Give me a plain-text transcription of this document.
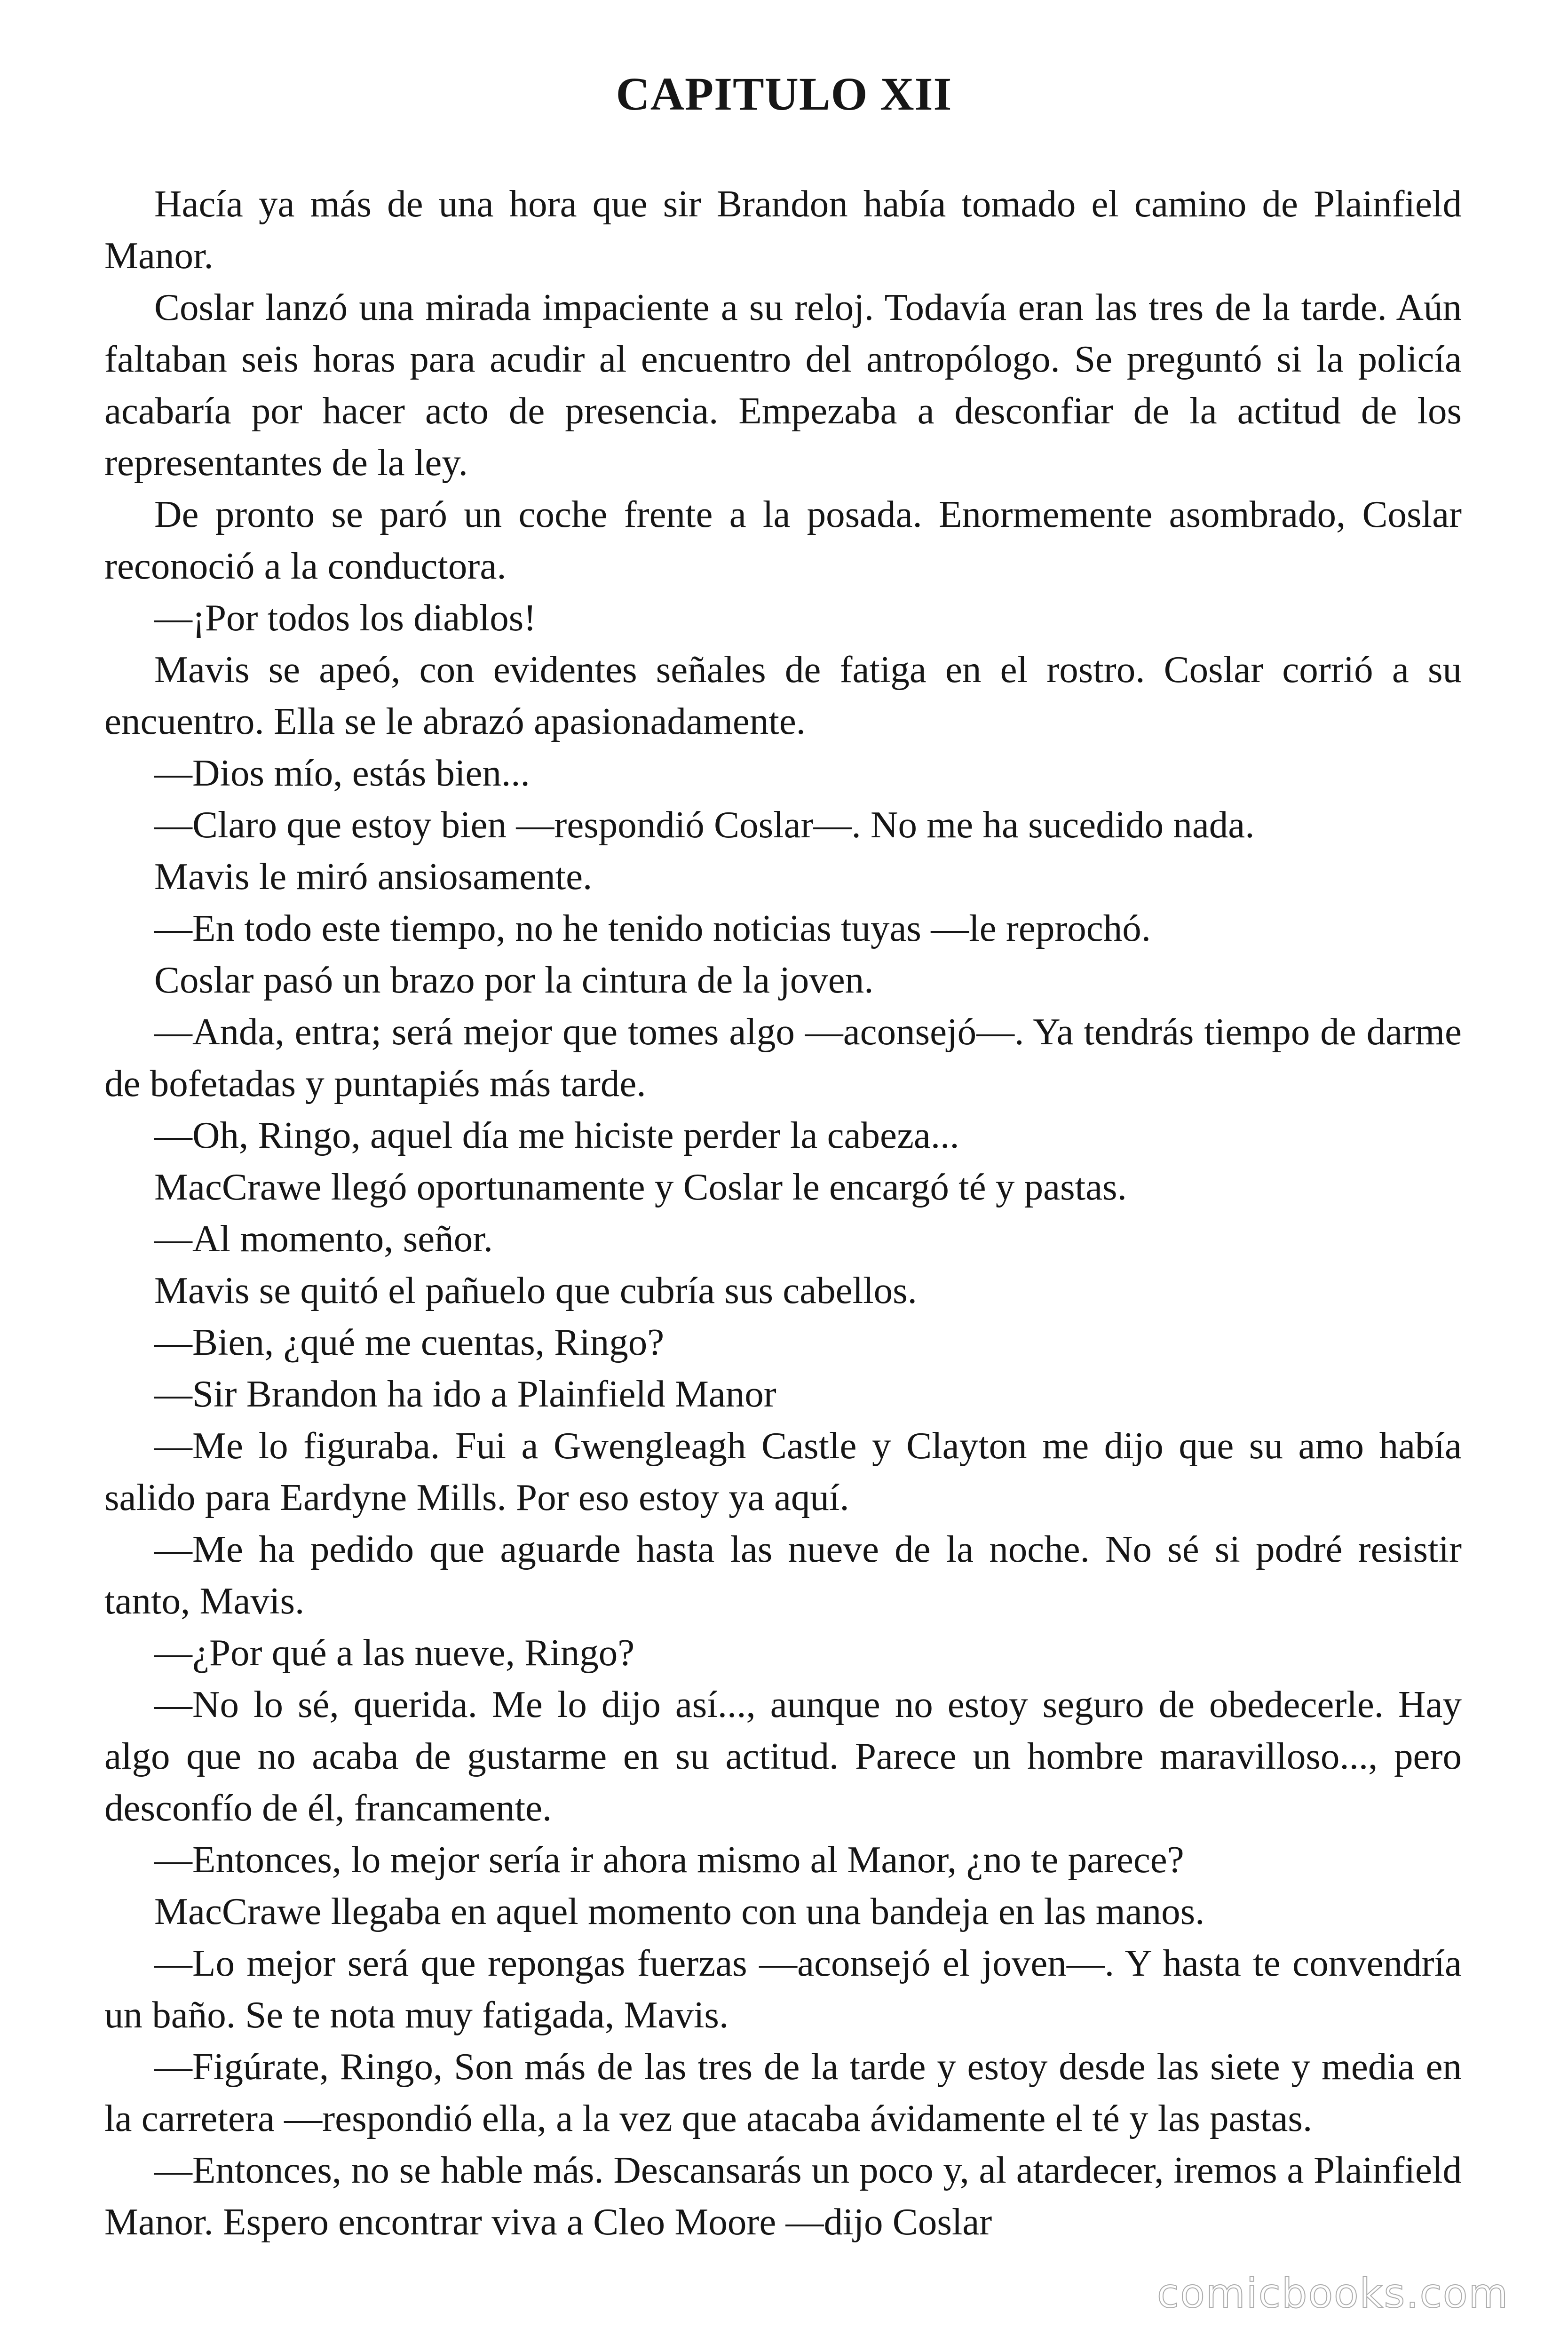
CAPITULO XII

Hacía ya más de una hora que sir Brandon había tomado el camino de Plainfield Manor.

Coslar lanzó una mirada impaciente a su reloj. Todavía eran las tres de la tarde. Aún faltaban seis horas para acudir al encuentro del antropólogo. Se preguntó si la policía acabaría por hacer acto de presencia. Empezaba a desconfiar de la actitud de los representantes de la ley.

De pronto se paró un coche frente a la posada. Enormemente asombrado, Coslar reconoció a la conductora.

—¡Por todos los diablos!

Mavis se apeó, con evidentes señales de fatiga en el rostro. Coslar corrió a su encuentro. Ella se le abrazó apasionadamente.

—Dios mío, estás bien...

—Claro que estoy bien —respondió Coslar—. No me ha sucedido nada.

Mavis le miró ansiosamente.

—En todo este tiempo, no he tenido noticias tuyas —le reprochó.

Coslar pasó un brazo por la cintura de la joven.

—Anda, entra; será mejor que tomes algo —aconsejó—. Ya tendrás tiempo de darme de bofetadas y puntapiés más tarde.

—Oh, Ringo, aquel día me hiciste perder la cabeza...

MacCrawe llegó oportunamente y Coslar le encargó té y pastas.

—Al momento, señor.

Mavis se quitó el pañuelo que cubría sus cabellos.

—Bien, ¿qué me cuentas, Ringo?

—Sir Brandon ha ido a Plainfield Manor

—Me lo figuraba. Fui a Gwengleagh Castle y Clayton me dijo que su amo había salido para Eardyne Mills. Por eso estoy ya aquí.

—Me ha pedido que aguarde hasta las nueve de la noche. No sé si podré resistir tanto, Mavis.

—¿Por qué a las nueve, Ringo?

—No lo sé, querida. Me lo dijo así..., aunque no estoy seguro de obedecerle. Hay algo que no acaba de gustarme en su actitud. Parece un hombre maravilloso..., pero desconfío de él, francamente.

—Entonces, lo mejor sería ir ahora mismo al Manor, ¿no te parece?

MacCrawe llegaba en aquel momento con una bandeja en las manos.

—Lo mejor será que repongas fuerzas —aconsejó el joven—. Y hasta te convendría un baño. Se te nota muy fatigada, Mavis.

—Figúrate, Ringo, Son más de las tres de la tarde y estoy desde las siete y media en la carretera —respondió ella, a la vez que atacaba ávidamente el té y las pastas.

—Entonces, no se hable más. Descansarás un poco y, al atardecer, iremos a Plainfield Manor. Espero encontrar viva a Cleo Moore —dijo Coslar

comicbooks.com
